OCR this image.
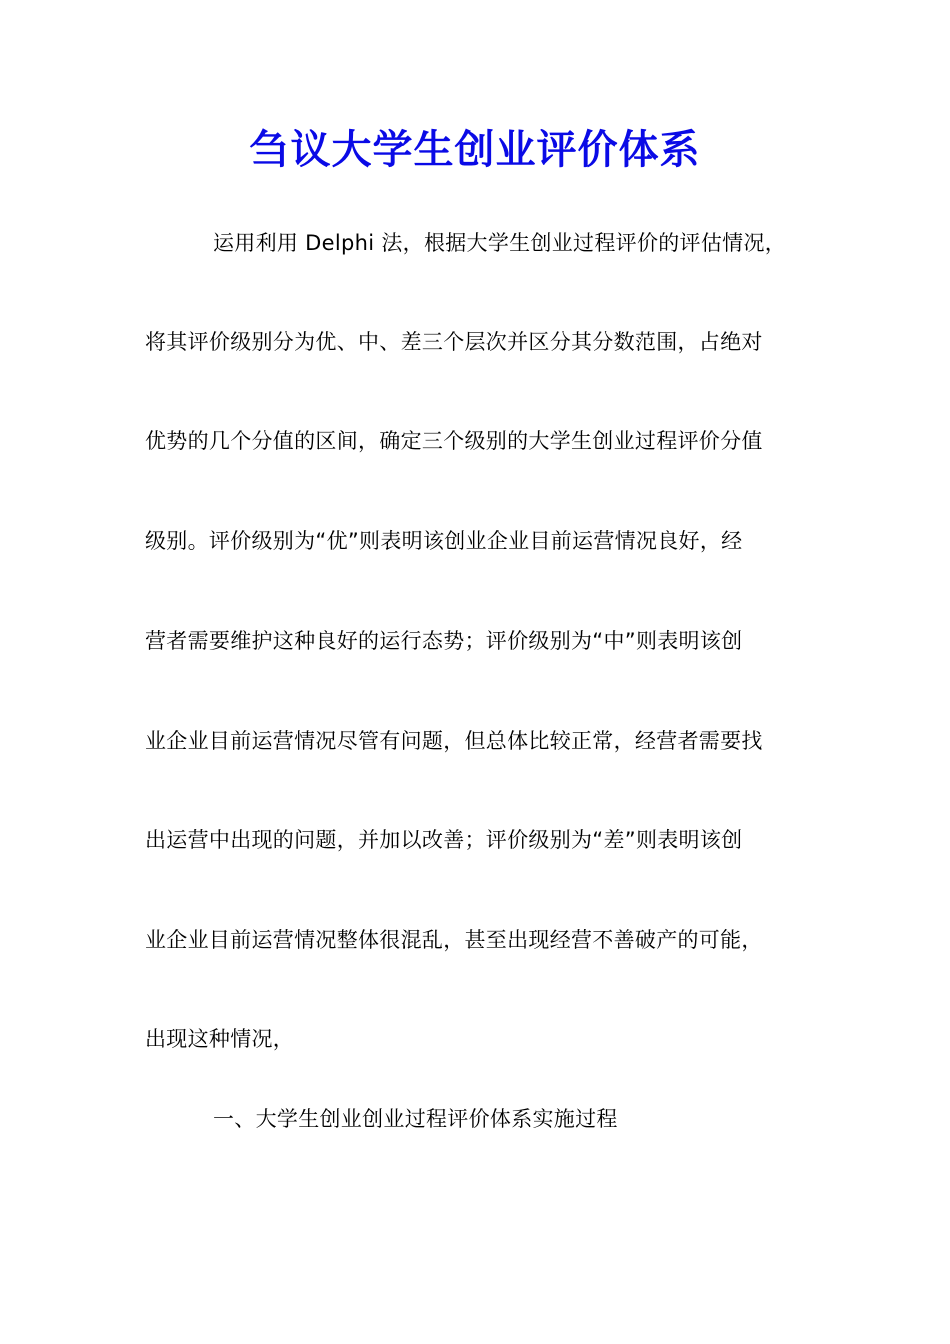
刍议大学生创业评价体系

运用利用 Delphi 法，根据大学生创业过程评价的评估情况，

将其评价级别分为优、中、差三个层次并区分其分数范围，占绝对

优势的几个分值的区间，确定三个级别的大学生创业过程评价分值

级别。评价级别为“优”则表明该创业企业目前运营情况良好，经

营者需要维护这种良好的运行态势；评价级别为“中”则表明该创

业企业目前运营情况尽管有问题，但总体比较正常，经营者需要找

出运营中出现的问题，并加以改善；评价级别为“差”则表明该创

业企业目前运营情况整体很混乱，甚至出现经营不善破产的可能，

出现这种情况，

一、大学生创业创业过程评价体系实施过程
